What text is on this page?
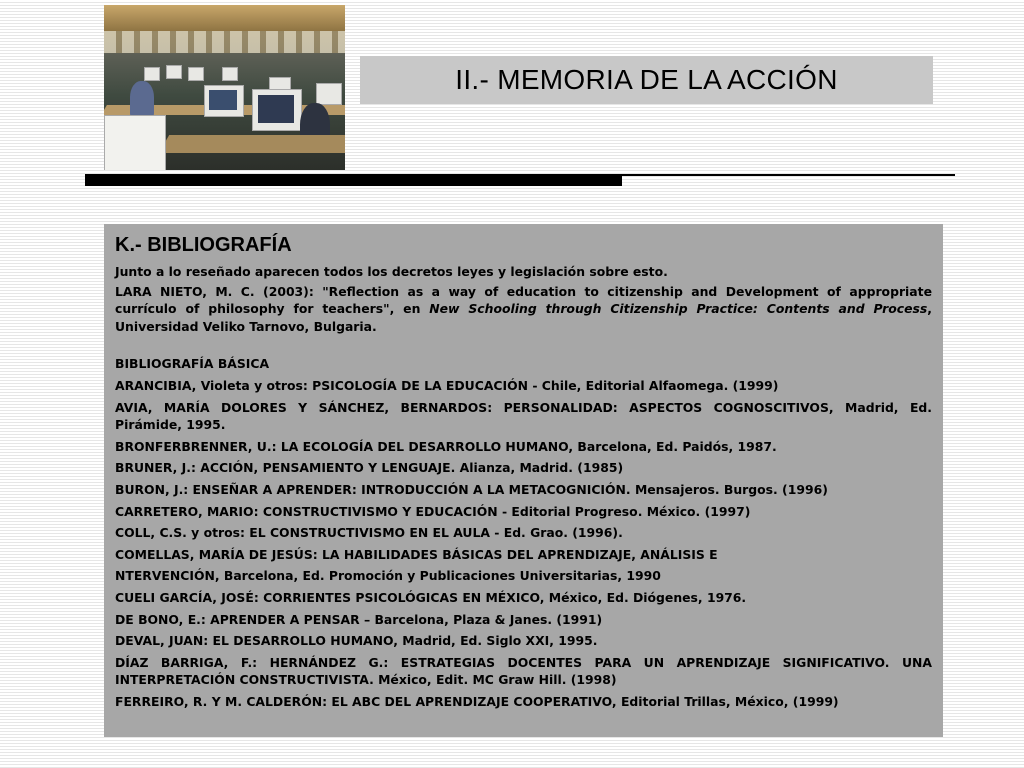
II.- MEMORIA DE LA ACCIÓN
K.- BIBLIOGRAFÍA

Junto a lo reseñado aparecen todos los decretos leyes y legislación sobre esto.

LARA NIETO, M. C. (2003): "Reflection as a way of education to citizenship and Development of appropriate currículo of philosophy for teachers", en New Schooling through Citizenship Practice: Contents and Process, Universidad Veliko Tarnovo, Bulgaria.

BIBLIOGRAFÍA BÁSICA

ARANCIBIA, Violeta y otros: PSICOLOGÍA DE LA EDUCACIÓN - Chile, Editorial Alfaomega. (1999)

AVIA, MARÍA DOLORES Y SÁNCHEZ, BERNARDOS: PERSONALIDAD: ASPECTOS COGNOSCITIVOS, Madrid, Ed. Pirámide, 1995.

BRONFERBRENNER, U.: LA ECOLOGÍA DEL DESARROLLO HUMANO, Barcelona, Ed. Paidós, 1987.

BRUNER, J.: ACCIÓN, PENSAMIENTO Y LENGUAJE. Alianza, Madrid. (1985)

BURON, J.: ENSEÑAR A APRENDER: INTRODUCCIÓN A LA METACOGNICIÓN. Mensajeros. Burgos. (1996)

CARRETERO, MARIO: CONSTRUCTIVISMO Y EDUCACIÓN - Editorial Progreso. México. (1997)

COLL, C.S. y otros: EL CONSTRUCTIVISMO EN EL AULA - Ed. Grao. (1996).

COMELLAS, MARÍA DE JESÚS: LA HABILIDADES BÁSICAS DEL APRENDIZAJE, ANÁLISIS E

NTERVENCIÓN, Barcelona, Ed. Promoción y Publicaciones Universitarias, 1990

CUELI GARCÍA, JOSÉ: CORRIENTES PSICOLÓGICAS EN MÉXICO, México, Ed. Diógenes, 1976.

DE BONO, E.: APRENDER A PENSAR – Barcelona, Plaza & Janes. (1991)

DEVAL, JUAN: EL DESARROLLO HUMANO, Madrid, Ed. Siglo XXI, 1995.

DÍAZ BARRIGA, F.: HERNÁNDEZ G.: ESTRATEGIAS DOCENTES PARA UN APRENDIZAJE SIGNIFICATIVO. UNA INTERPRETACIÓN CONSTRUCTIVISTA. México, Edit. MC Graw Hill. (1998)

FERREIRO, R. Y M. CALDERÓN: EL ABC DEL APRENDIZAJE COOPERATIVO, Editorial Trillas, México, (1999)
